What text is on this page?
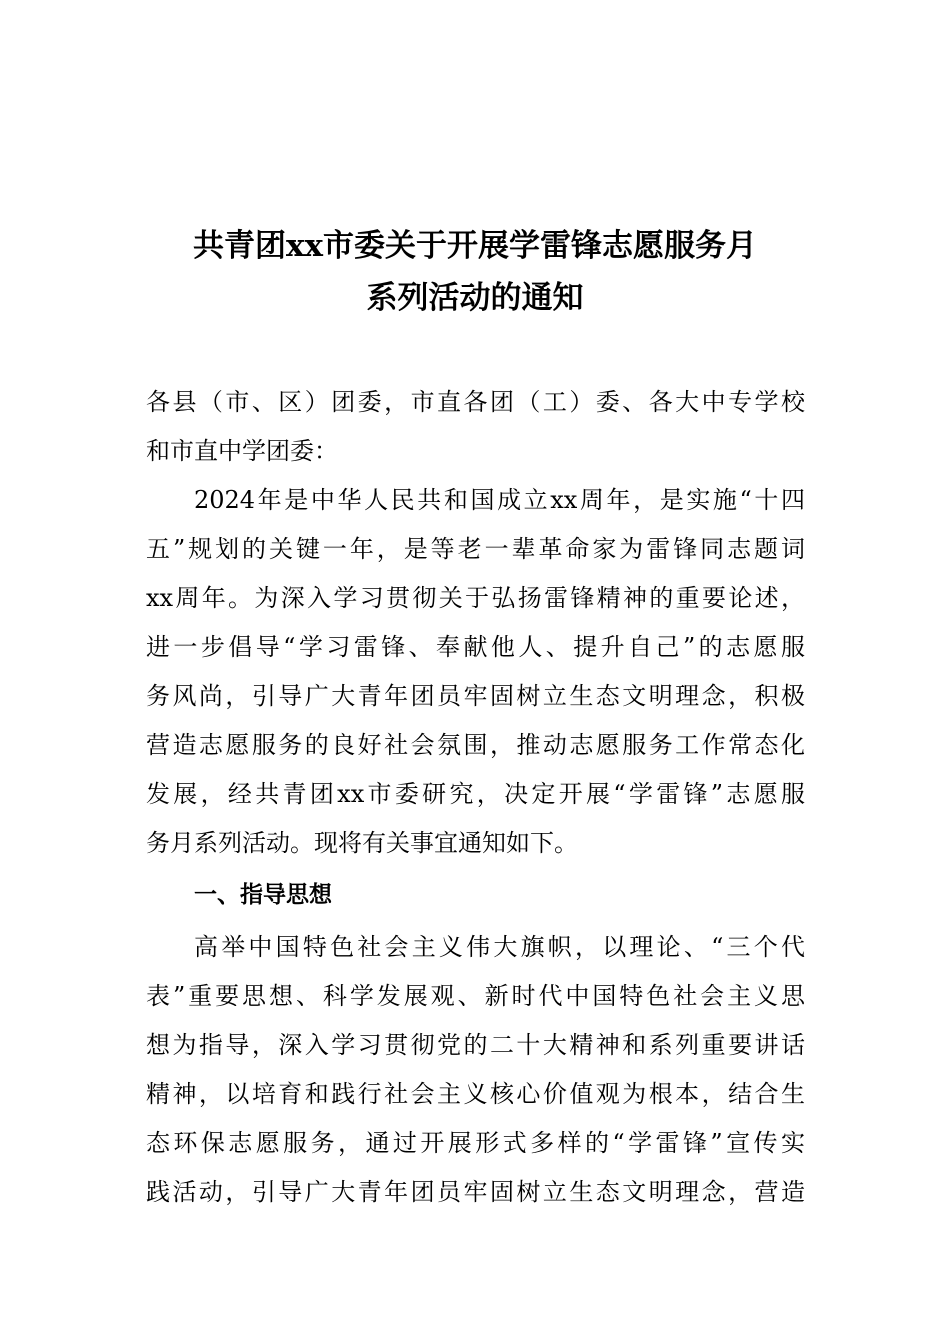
共青团xx市委关于开展学雷锋志愿服务月
系列活动的通知

各县（市、区）团委，市直各团（工）委、各大中专学校

和市直中学团委：

2024年是中华人民共和国成立xx周年，是实施“十四

五”规划的关键一年，是等老一辈革命家为雷锋同志题词

xx周年。为深入学习贯彻关于弘扬雷锋精神的重要论述，

进一步倡导“学习雷锋、奉献他人、提升自己”的志愿服

务风尚，引导广大青年团员牢固树立生态文明理念，积极

营造志愿服务的良好社会氛围，推动志愿服务工作常态化

发展，经共青团xx市委研究，决定开展“学雷锋”志愿服

务月系列活动。现将有关事宜通知如下。

一、指导思想

高举中国特色社会主义伟大旗帜，以理论、“三个代

表”重要思想、科学发展观、新时代中国特色社会主义思

想为指导，深入学习贯彻党的二十大精神和系列重要讲话

精神，以培育和践行社会主义核心价值观为根本，结合生

态环保志愿服务，通过开展形式多样的“学雷锋”宣传实

践活动，引导广大青年团员牢固树立生态文明理念，营造
